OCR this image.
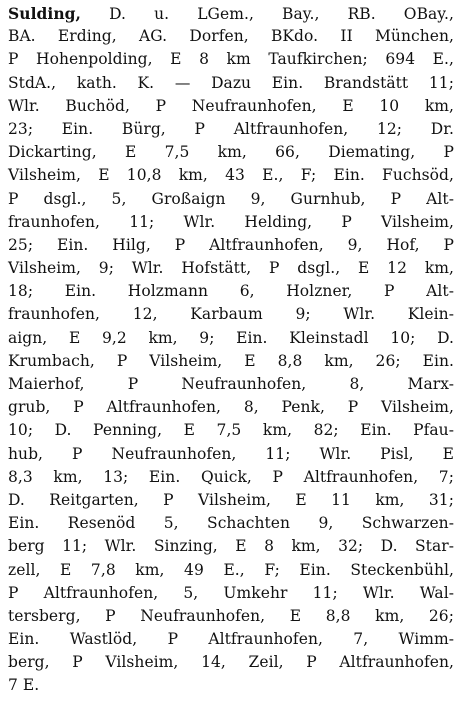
Sulding, D. u. LGem., Bay., RB. OBay.,
BA. Erding, AG. Dorfen, BKdo. II München,
P Hohenpolding, E 8 km Taufkirchen; 694 E.,
StdA., kath. K. — Dazu Ein. Brandstätt 11;
Wlr. Buchöd, P Neufraunhofen, E 10 km,
23; Ein. Bürg, P Altfraunhofen, 12; Dr.
Dickarting, E 7,5 km, 66, Diemating, P
Vilsheim, E 10,8 km, 43 E., F; Ein. Fuchsöd,
P dsgl., 5, Großaign 9, Gurnhub, P Alt-
fraunhofen, 11; Wlr. Helding, P Vilsheim,
25; Ein. Hilg, P Altfraunhofen, 9, Hof, P
Vilsheim, 9; Wlr. Hofstätt, P dsgl., E 12 km,
18; Ein. Holzmann 6, Holzner, P Alt-
fraunhofen, 12, Karbaum 9; Wlr. Klein-
aign, E 9,2 km, 9; Ein. Kleinstadl 10; D.
Krumbach, P Vilsheim, E 8,8 km, 26; Ein.
Maierhof, P Neufraunhofen, 8, Marx-
grub, P Altfraunhofen, 8, Penk, P Vilsheim,
10; D. Penning, E 7,5 km, 82; Ein. Pfau-
hub, P Neufraunhofen, 11; Wlr. Pisl, E
8,3 km, 13; Ein. Quick, P Altfraunhofen, 7;
D. Reitgarten, P Vilsheim, E 11 km, 31;
Ein. Resenöd 5, Schachten 9, Schwarzen-
berg 11; Wlr. Sinzing, E 8 km, 32; D. Star-
zell, E 7,8 km, 49 E., F; Ein. Steckenbühl,
P Altfraunhofen, 5, Umkehr 11; Wlr. Wal-
tersberg, P Neufraunhofen, E 8,8 km, 26;
Ein. Wastlöd, P Altfraunhofen, 7, Wimm-
berg, P Vilsheim, 14, Zeil, P Altfraunhofen,
7 E.
